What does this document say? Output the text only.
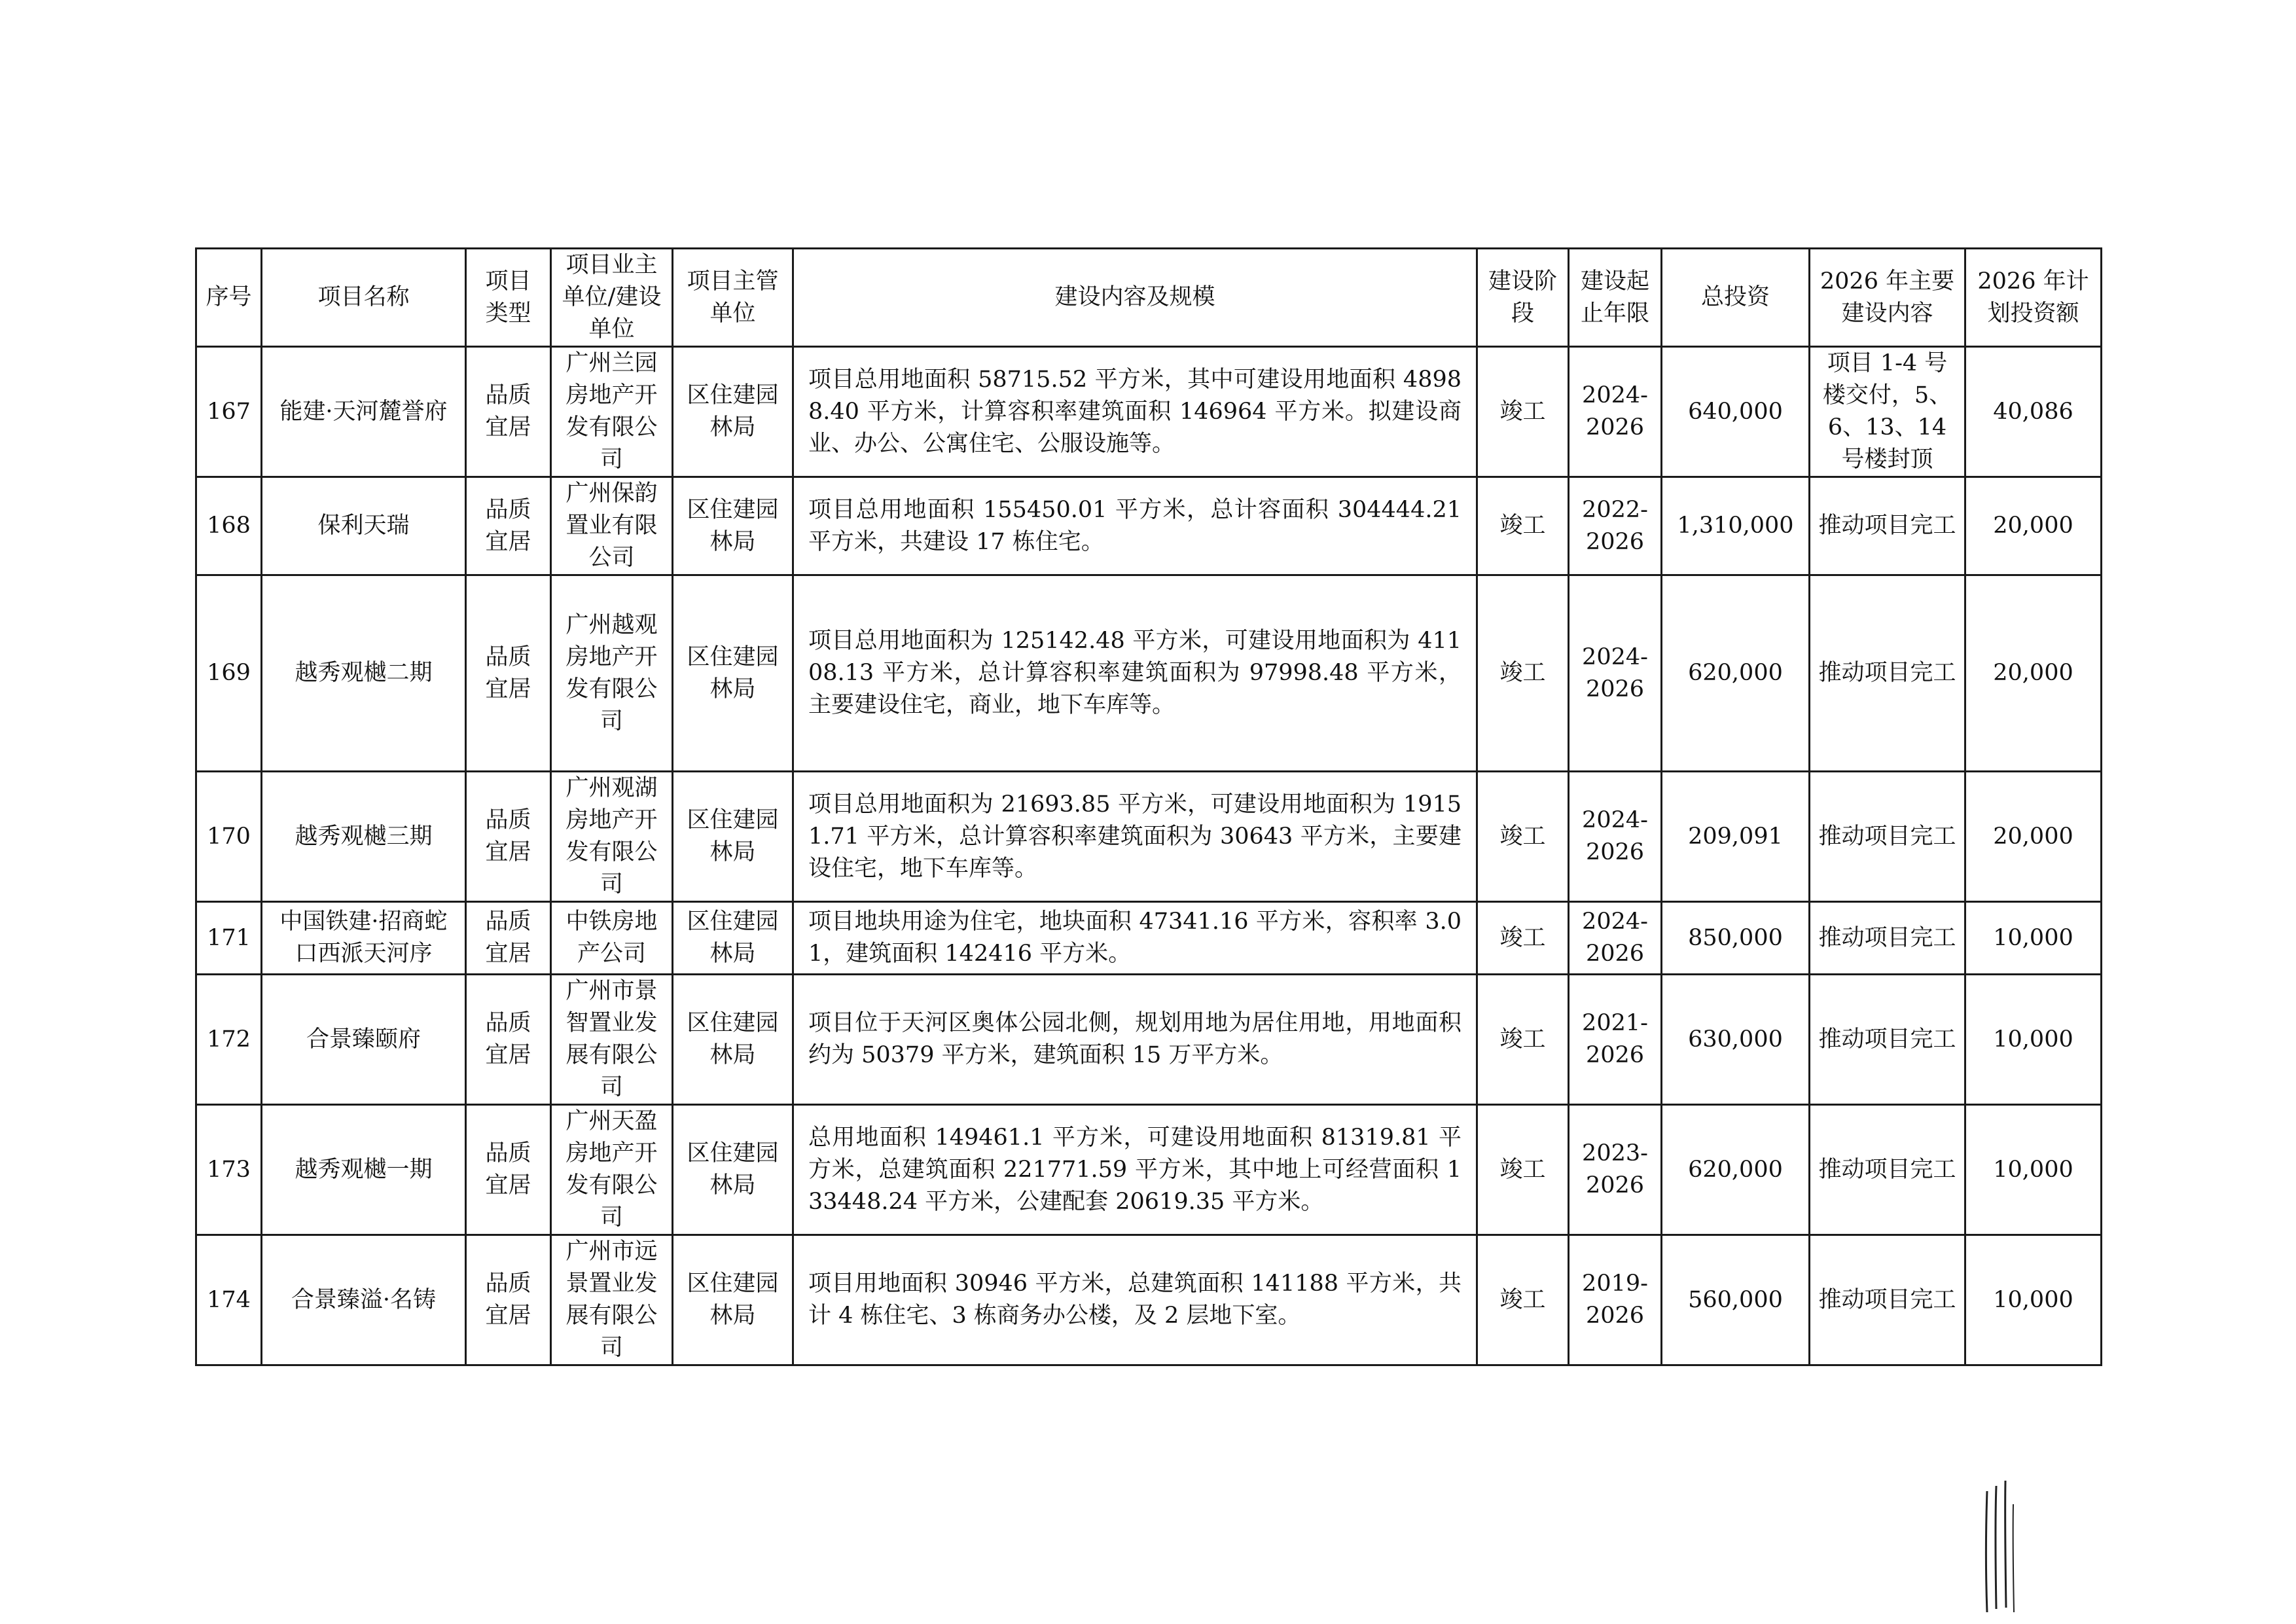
序号	项目名称	项目类型	项目业主单位/建设单位	项目主管单位	建设内容及规模	建设阶段	建设起止年限	总投资	2026 年主要建设内容	2026 年计划投资额
167	能建·天河麓誉府	品质宜居	广州兰园房地产开发有限公司	区住建园林局	项目总用地面积 58715.52 平方米，其中可建设用地面积 48988.40 平方米，计算容积率建筑面积 146964 平方米。拟建设商业、办公、公寓住宅、公服设施等。	竣工	2024-2026	640,000	项目 1-4 号楼交付，5、6、13、14 号楼封顶	40,086
168	保利天瑞	品质宜居	广州保韵置业有限公司	区住建园林局	项目总用地面积 155450.01 平方米，总计容面积 304444.21 平方米，共建设 17 栋住宅。	竣工	2022-2026	1,310,000	推动项目完工	20,000
169	越秀观樾二期	品质宜居	广州越观房地产开发有限公司	区住建园林局	项目总用地面积为 125142.48 平方米，可建设用地面积为 41108.13 平方米，总计算容积率建筑面积为 97998.48 平方米，主要建设住宅，商业，地下车库等。	竣工	2024-2026	620,000	推动项目完工	20,000
170	越秀观樾三期	品质宜居	广州观湖房地产开发有限公司	区住建园林局	项目总用地面积为 21693.85 平方米，可建设用地面积为 19151.71 平方米，总计算容积率建筑面积为 30643 平方米，主要建设住宅，地下车库等。	竣工	2024-2026	209,091	推动项目完工	20,000
171	中国铁建·招商蛇口西派天河序	品质宜居	中铁房地产公司	区住建园林局	项目地块用途为住宅，地块面积 47341.16 平方米，容积率 3.01，建筑面积 142416 平方米。	竣工	2024-2026	850,000	推动项目完工	10,000
172	合景臻颐府	品质宜居	广州市景智置业发展有限公司	区住建园林局	项目位于天河区奥体公园北侧，规划用地为居住用地，用地面积约为 50379 平方米，建筑面积 15 万平方米。	竣工	2021-2026	630,000	推动项目完工	10,000
173	越秀观樾一期	品质宜居	广州天盈房地产开发有限公司	区住建园林局	总用地面积 149461.1 平方米，可建设用地面积 81319.81 平方米，总建筑面积 221771.59 平方米，其中地上可经营面积 133448.24 平方米，公建配套 20619.35 平方米。	竣工	2023-2026	620,000	推动项目完工	10,000
174	合景臻溢·名铸	品质宜居	广州市远景置业发展有限公司	区住建园林局	项目用地面积 30946 平方米，总建筑面积 141188 平方米，共计 4 栋住宅、3 栋商务办公楼，及 2 层地下室。	竣工	2019-2026	560,000	推动项目完工	10,000
